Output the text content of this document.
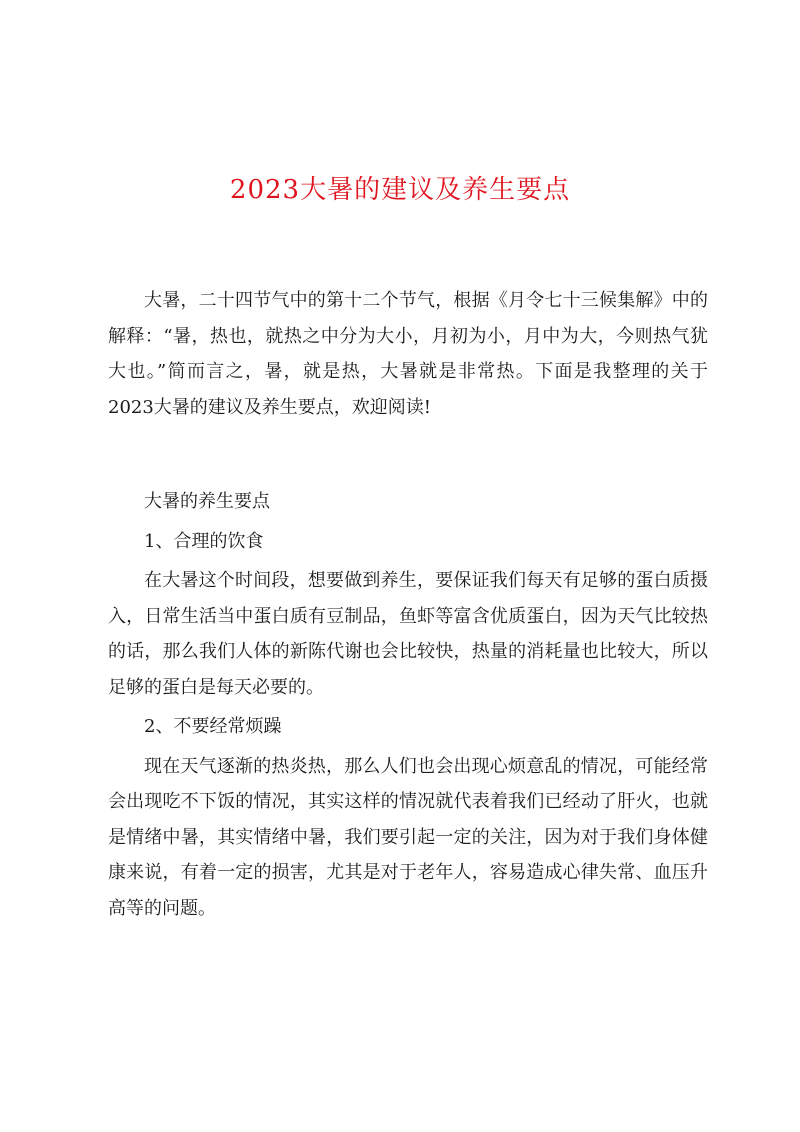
2023大暑的建议及养生要点

大暑，二十四节气中的第十二个节气，根据《月令七十三候集解》中的解释：“暑，热也，就热之中分为大小，月初为小，月中为大，今则热气犹大也。”简而言之，暑，就是热，大暑就是非常热。下面是我整理的关于2023大暑的建议及养生要点，欢迎阅读!

大暑的养生要点

1、合理的饮食

在大暑这个时间段，想要做到养生，要保证我们每天有足够的蛋白质摄入，日常生活当中蛋白质有豆制品，鱼虾等富含优质蛋白，因为天气比较热的话，那么我们人体的新陈代谢也会比较快，热量的消耗量也比较大，所以足够的蛋白是每天必要的。

2、不要经常烦躁

现在天气逐渐的热炎热，那么人们也会出现心烦意乱的情况，可能经常会出现吃不下饭的情况，其实这样的情况就代表着我们已经动了肝火，也就是情绪中暑，其实情绪中暑，我们要引起一定的关注，因为对于我们身体健康来说，有着一定的损害，尤其是对于老年人，容易造成心律失常、血压升高等的问题。
